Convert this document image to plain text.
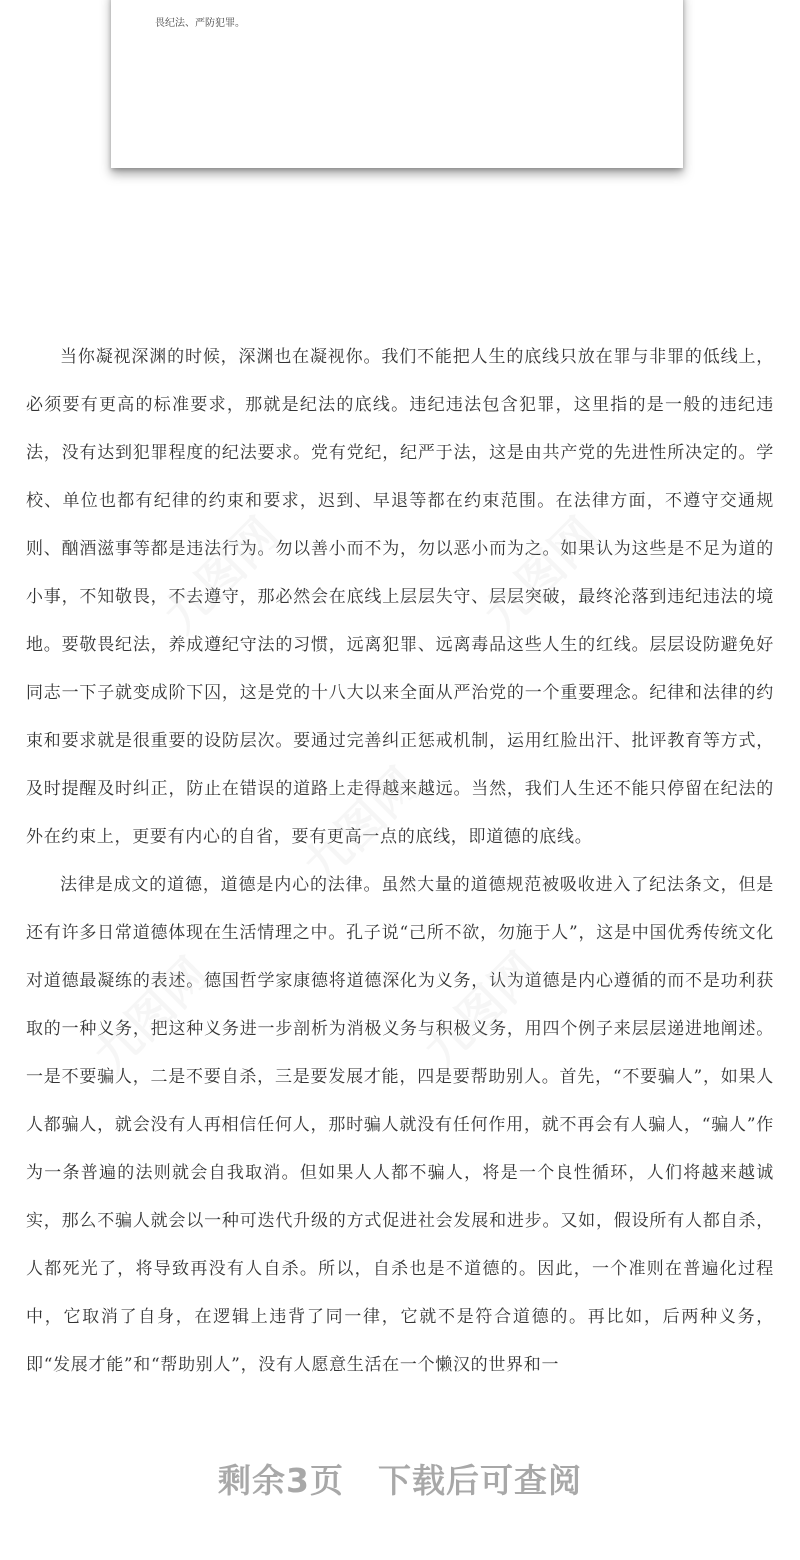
畏纪法、严防犯罪。

当你凝视深渊的时候，深渊也在凝视你。我们不能把人生的底线只放在罪与非罪的低线上，必须要有更高的标准要求，那就是纪法的底线。违纪违法包含犯罪，这里指的是一般的违纪违法，没有达到犯罪程度的纪法要求。党有党纪，纪严于法，这是由共产党的先进性所决定的。学校、单位也都有纪律的约束和要求，迟到、早退等都在约束范围。在法律方面，不遵守交通规则、酗酒滋事等都是违法行为。勿以善小而不为，勿以恶小而为之。如果认为这些是不足为道的小事，不知敬畏，不去遵守，那必然会在底线上层层失守、层层突破，最终沦落到违纪违法的境地。要敬畏纪法，养成遵纪守法的习惯，远离犯罪、远离毒品这些人生的红线。层层设防避免好同志一下子就变成阶下囚，这是党的十八大以来全面从严治党的一个重要理念。纪律和法律的约束和要求就是很重要的设防层次。要通过完善纠正惩戒机制，运用红脸出汗、批评教育等方式，及时提醒及时纠正，防止在错误的道路上走得越来越远。当然，我们人生还不能只停留在纪法的外在约束上，更要有内心的自省，要有更高一点的底线，即道德的底线。

法律是成文的道德，道德是内心的法律。虽然大量的道德规范被吸收进入了纪法条文，但是还有许多日常道德体现在生活情理之中。孔子说“己所不欲，勿施于人”，这是中国优秀传统文化对道德最凝练的表述。德国哲学家康德将道德深化为义务，认为道德是内心遵循的而不是功利获取的一种义务，把这种义务进一步剖析为消极义务与积极义务，用四个例子来层层递进地阐述。一是不要骗人，二是不要自杀，三是要发展才能，四是要帮助别人。首先，“不要骗人”，如果人人都骗人，就会没有人再相信任何人，那时骗人就没有任何作用，就不再会有人骗人，“骗人”作为一条普遍的法则就会自我取消。但如果人人都不骗人，将是一个良性循环，人们将越来越诚实，那么不骗人就会以一种可迭代升级的方式促进社会发展和进步。又如，假设所有人都自杀，人都死光了，将导致再没有人自杀。所以，自杀也是不道德的。因此，一个准则在普遍化过程中，它取消了自身，在逻辑上违背了同一律，它就不是符合道德的。再比如，后两种义务，即“发展才能”和“帮助别人”，没有人愿意生活在一个懒汉的世界和一

九图网	九图网
九图网
九图网	九图网
剩余3页 下载后可查阅
